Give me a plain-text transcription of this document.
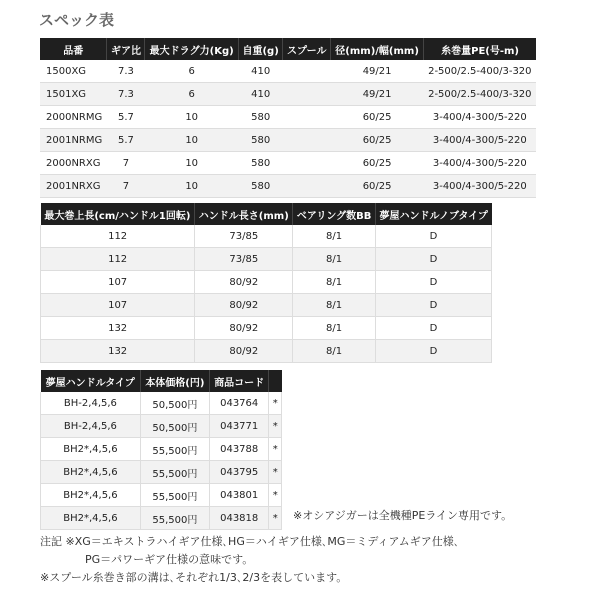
スペック表
品番	ギア比	最大ドラグ力(Kg)	自重(g)	スプール	径(mm)/幅(mm)	糸巻量PE(号-m)
1500XG	7.3	6	410		49/21	2-500/2.5-400/3-320
1501XG	7.3	6	410		49/21	2-500/2.5-400/3-320
2000NRMG	5.7	10	580		60/25	3-400/4-300/5-220
2001NRMG	5.7	10	580		60/25	3-400/4-300/5-220
2000NRXG	7	10	580		60/25	3-400/4-300/5-220
2001NRXG	7	10	580		60/25	3-400/4-300/5-220
最大巻上長(cm/ハンドル1回転)	ハンドル長さ(mm)	ベアリング数BB	夢屋ハンドルノブタイプ
112	73/85	8/1	D
112	73/85	8/1	D
107	80/92	8/1	D
107	80/92	8/1	D
132	80/92	8/1	D
132	80/92	8/1	D
夢屋ハンドルタイプ	本体価格(円)	商品コード	
BH-2,4,5,6	50,500円	043764	*
BH-2,4,5,6	50,500円	043771	*
BH2*,4,5,6	55,500円	043788	*
BH2*,4,5,6	55,500円	043795	*
BH2*,4,5,6	55,500円	043801	*
BH2*,4,5,6	55,500円	043818	* ※オシアジガーは全機種PEライン専用です。
注記 ※XG＝エキストラハイギア仕様､HG＝ハイギア仕様､MG＝ミディアムギア仕様､
PG＝パワーギア仕様の意味です。
※スプール糸巻き部の溝は､それぞれ1/3､2/3を表しています。
